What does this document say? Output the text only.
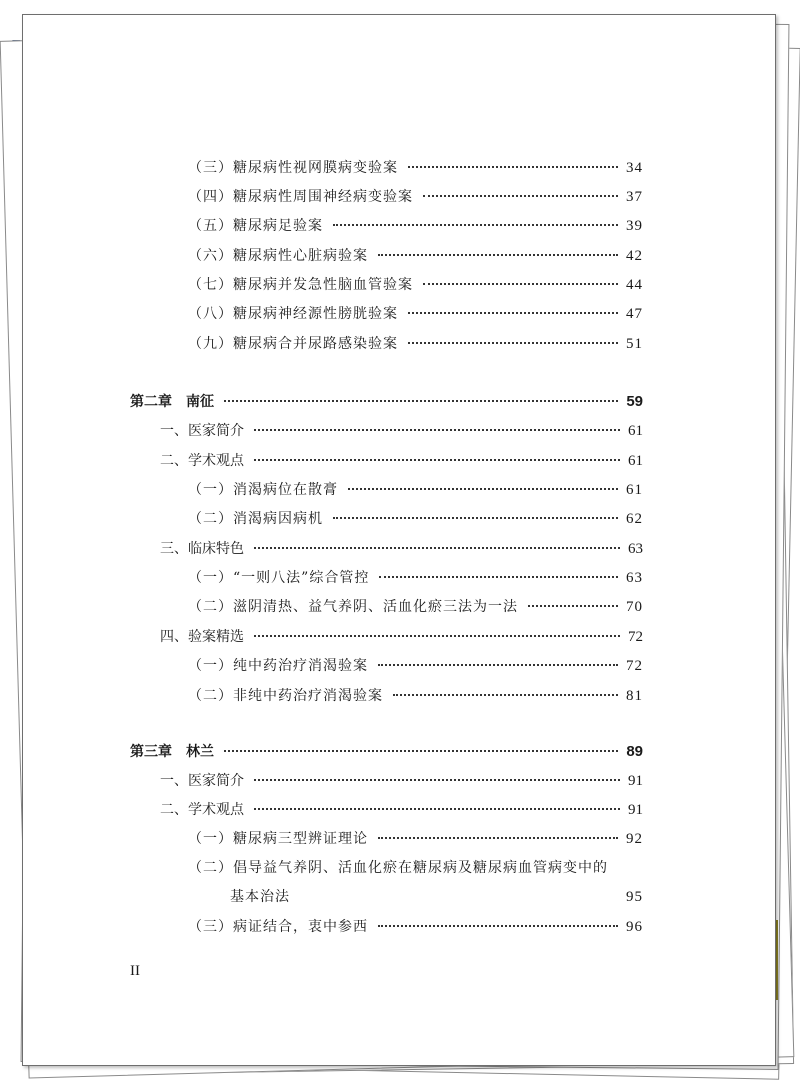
（三）糖尿病性视网膜病变验案	34
（四）糖尿病性周围神经病变验案	37
（五）糖尿病足验案	39
（六）糖尿病性心脏病验案	42
（七）糖尿病并发急性脑血管验案	44
（八）糖尿病神经源性膀胱验案	47
（九）糖尿病合并尿路感染验案	51
第二章　南征	59
一、医家简介	61
二、学术观点	61
（一）消渴病位在散膏	61
（二）消渴病因病机	62
三、临床特色	63
（一）“一则八法”综合管控	63
（二）滋阴清热、益气养阴、活血化瘀三法为一法	70
四、验案精选	72
（一）纯中药治疗消渴验案	72
（二）非纯中药治疗消渴验案	81
第三章　林兰	89
一、医家简介	91
二、学术观点	91
（一）糖尿病三型辨证理论	92
（二）倡导益气养阴、活血化瘀在糖尿病及糖尿病血管病变中的
基本治法	95
（三）病证结合，衷中参西	96
II
